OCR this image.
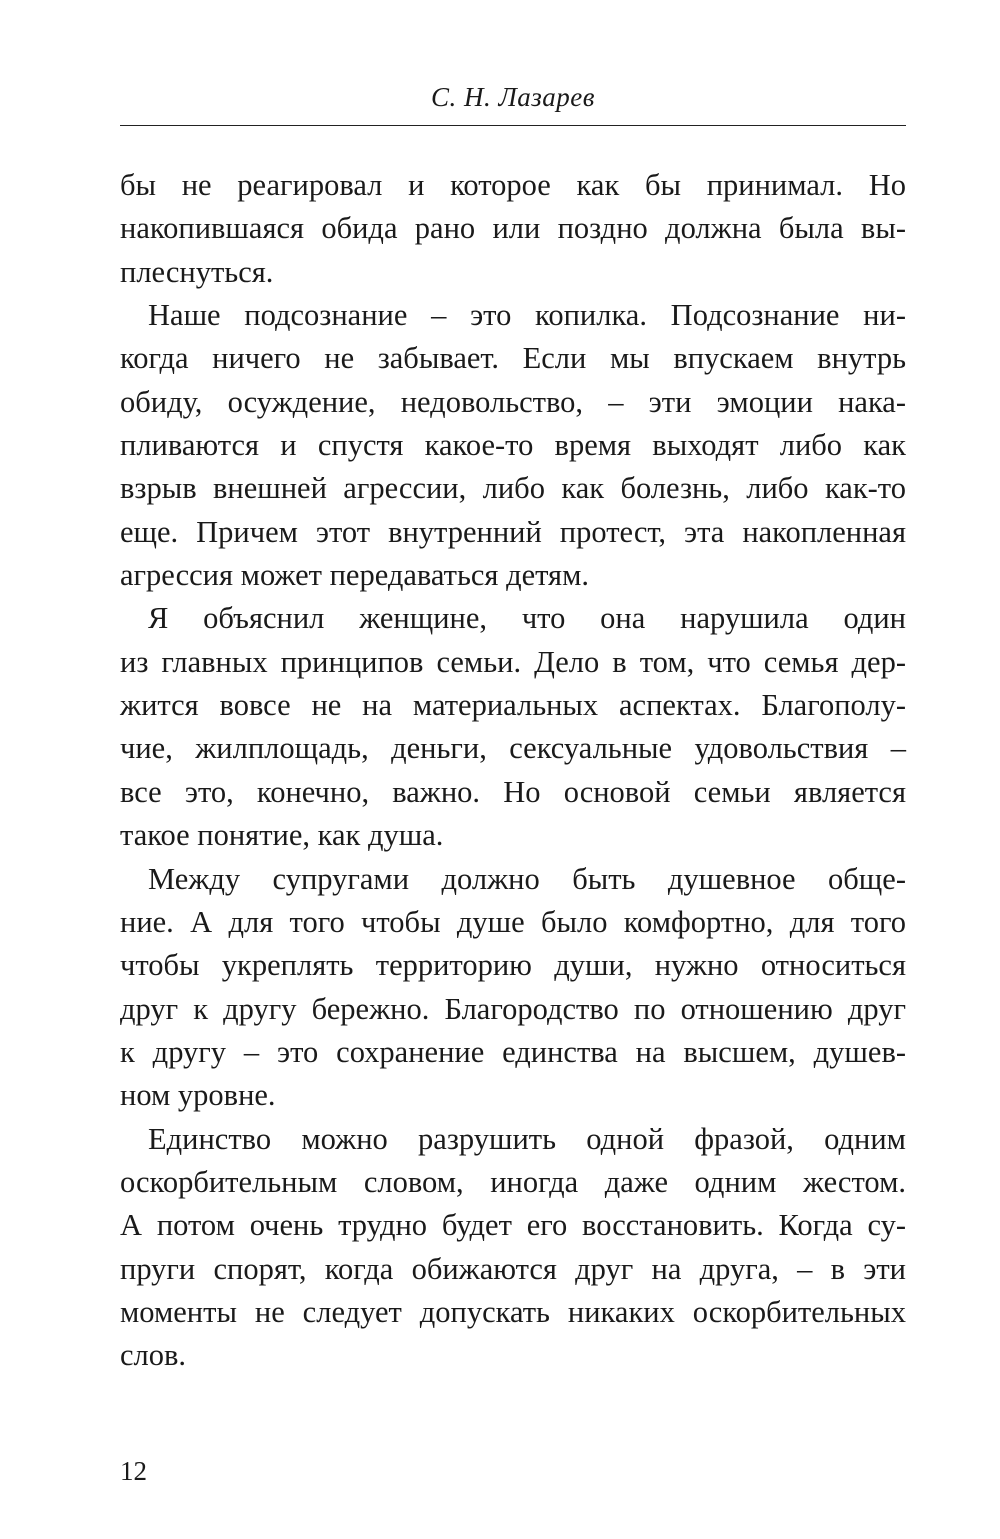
С. Н. Лазарев
бы не реагировал и которое как бы принимал. Но
накопившаяся обида рано или поздно должна была вы-
плеснуться.
Наше подсознание – это копилка. Подсознание ни-
когда ничего не забывает. Если мы впускаем внутрь
обиду, осуждение, недовольство, – эти эмоции нака-
пливаются и спустя какое-то время выходят либо как
взрыв внешней агрессии, либо как болезнь, либо как-то
еще. Причем этот внутренний протест, эта накопленная
агрессия может передаваться детям.
Я объяснил женщине, что она нарушила один
из главных принципов семьи. Дело в том, что семья дер-
жится вовсе не на материальных аспектах. Благополу-
чие, жилплощадь, деньги, сексуальные удовольствия –
все это, конечно, важно. Но основой семьи является
такое понятие, как душа.
Между супругами должно быть душевное обще-
ние. А для того чтобы душе было комфортно, для того
чтобы укреплять территорию души, нужно относиться
друг к другу бережно. Благородство по отношению друг
к другу – это сохранение единства на высшем, душев-
ном уровне.
Единство можно разрушить одной фразой, одним
оскорбительным словом, иногда даже одним жестом.
А потом очень трудно будет его восстановить. Когда су-
пруги спорят, когда обижаются друг на друга, – в эти
моменты не следует допускать никаких оскорбительных
слов.
12
